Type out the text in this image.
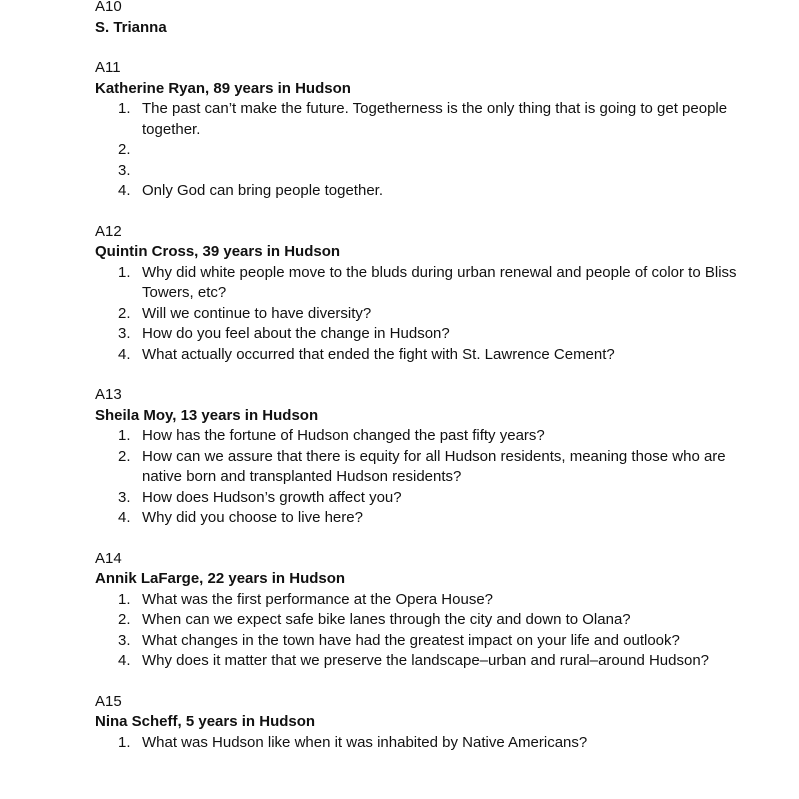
A10
S. Trianna
A11
Katherine Ryan, 89 years in Hudson
1. The past can’t make the future. Togetherness is the only thing that is going to get people together.
2.
3.
4. Only God can bring people together.
A12
Quintin Cross, 39 years in Hudson
1. Why did white people move to the bluds during urban renewal and people of color to Bliss Towers, etc?
2. Will we continue to have diversity?
3. How do you feel about the change in Hudson?
4. What actually occurred that ended the fight with St. Lawrence Cement?
A13
Sheila Moy, 13 years in Hudson
1. How has the fortune of Hudson changed the past fifty years?
2. How can we assure that there is equity for all Hudson residents, meaning those who are native born and transplanted Hudson residents?
3. How does Hudson’s growth affect you?
4. Why did you choose to live here?
A14
Annik LaFarge, 22 years in Hudson
1. What was the first performance at the Opera House?
2. When can we expect safe bike lanes through the city and down to Olana?
3. What changes in the town have had the greatest impact on your life and outlook?
4. Why does it matter that we preserve the landscape–urban and rural–around Hudson?
A15
Nina Scheff, 5 years in Hudson
1. What was Hudson like when it was inhabited by Native Americans?
